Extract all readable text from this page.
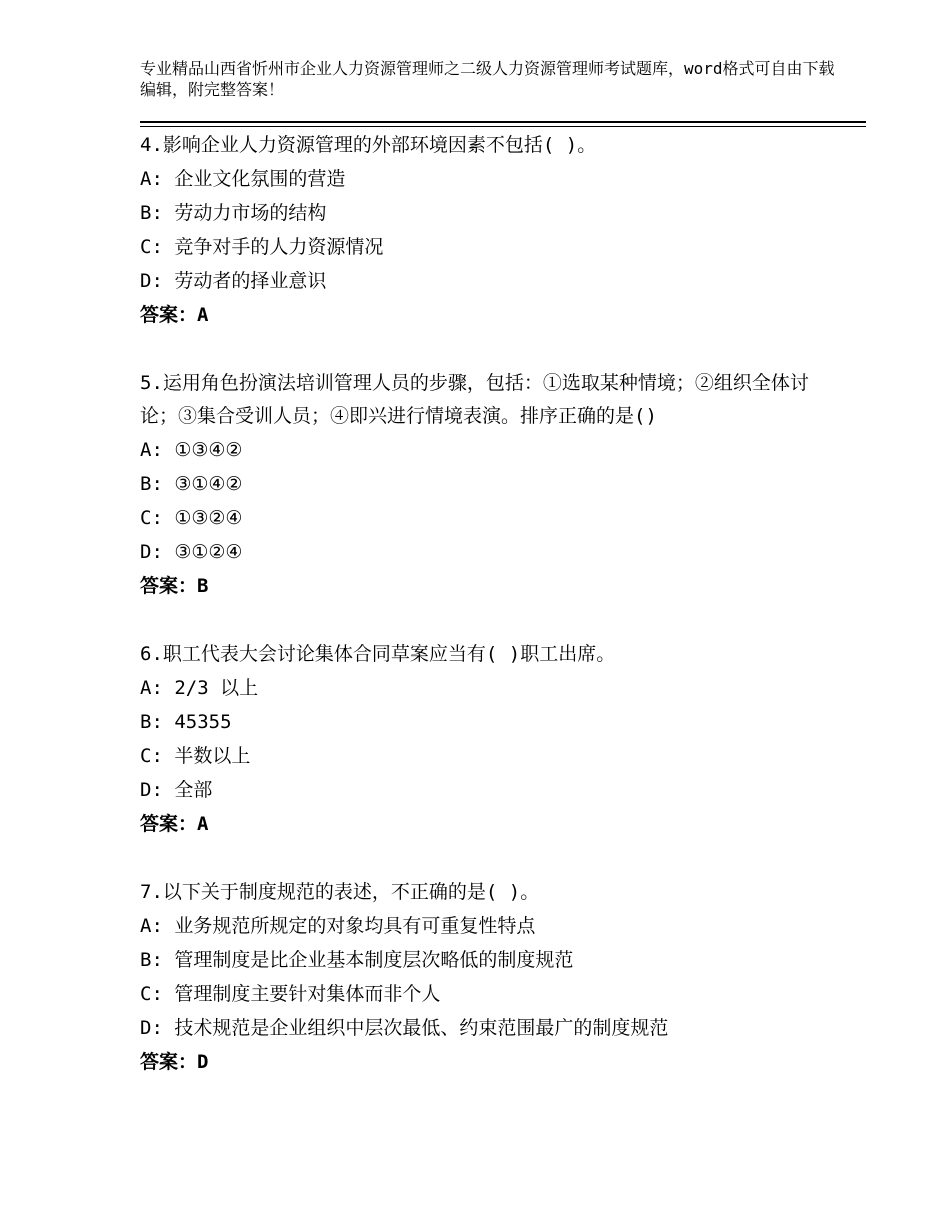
专业精品山西省忻州市企业人力资源管理师之二级人力资源管理师考试题库，word格式可自由下载编辑，附完整答案！
4.影响企业人力资源管理的外部环境因素不包括( )。
A: 企业文化氛围的营造
B: 劳动力市场的结构
C: 竞争对手的人力资源情况
D: 劳动者的择业意识
答案：A
5.运用角色扮演法培训管理人员的步骤，包括：①选取某种情境；②组织全体讨论；③集合受训人员；④即兴进行情境表演。排序正确的是()
A: ①③④②
B: ③①④②
C: ①③②④
D: ③①②④
答案：B
6.职工代表大会讨论集体合同草案应当有( )职工出席。
A: 2/3 以上
B: 45355
C: 半数以上
D: 全部
答案：A
7.以下关于制度规范的表述，不正确的是( )。
A: 业务规范所规定的对象均具有可重复性特点
B: 管理制度是比企业基本制度层次略低的制度规范
C: 管理制度主要针对集体而非个人
D: 技术规范是企业组织中层次最低、约束范围最广的制度规范
答案：D
